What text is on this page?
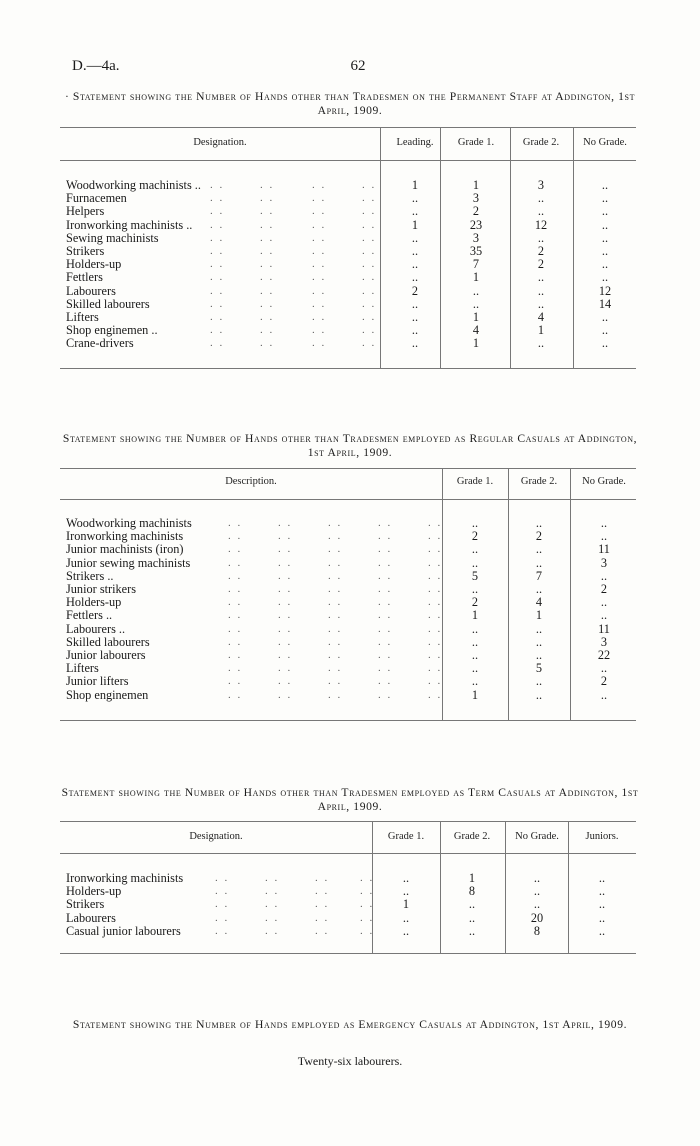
D.—4a.	62
· Statement showing the Number of Hands other than Tradesmen on the Permanent Staff at Addington, 1st April, 1909.
Designation.	Leading.	Grade 1.	Grade 2.	No Grade.
Woodworking machinists .. . .	. .	. .	. .	1	1	3	..
Furnacemen	. .	. .	. .	. .	..	3	..	..
Helpers	. .	. .	. .	. .	..	2	..	..
Ironworking machinists .. . .	. .	. .	. .	1	23	12	..
Sewing machinists	. .	. .	. .	. .	..	3	..	..
Strikers	. .	. .	. .	. .	..	35	2	..
Holders-up	. .	. .	. .	. .	..	7	2	..
Fettlers	. .	. .	. .	. .	..	1	..	..
Labourers	. .	. .	. .	. .	2	..	..	12
Skilled labourers	. .	. .	. .	. .	..	..	..	14
Lifters	. .	. .	. .	. .	..	1	4	..
Shop enginemen ..	. .	. .	. .	. .	..	4	1	..
Crane-drivers	. .	. .	. .	. .	..	1	..	..
Statement showing the Number of Hands other than Tradesmen employed as Regular Casuals at Addington, 1st April, 1909.
Description.	Grade 1.	Grade 2.	No Grade.
Woodworking machinists	. .	. .	. .	. .	. .	..	..	..
Ironworking machinists	. .	. .	. .	. .	. .	2	2	..
Junior machinists (iron)	. .	. .	. .	. .	. .	..	..	11
Junior sewing machinists	. .	. .	. .	. .	. .	..	..	3
Strikers ..	. .	. .	. .	. .	. .	5	7	..
Junior strikers	. .	. .	. .	. .	. .	..	..	2
Holders-up	. .	. .	. .	. .	. .	2	4	..
Fettlers ..	. .	. .	. .	. .	. .	1	1	..
Labourers ..	. .	. .	. .	. .	. .	..	..	11
Skilled labourers	. .	. .	. .	. .	. .	..	..	3
Junior labourers	. .	. .	. .	. .	. .	..	..	22
Lifters	. .	. .	. .	. .	. .	..	5	..
Junior lifters	. .	. .	. .	. .	. .	..	..	2
Shop enginemen	. .	. .	. .	. .	. .	1	..	..
Statement showing the Number of Hands other than Tradesmen employed as Term Casuals at Addington, 1st April, 1909.
Designation.	Grade 1.	Grade 2.	No Grade.	Juniors.
Ironworking machinists	. .	. .	. .	. .	..	1	..	..
Holders-up	. .	. .	. .	. .	..	8	..	..
Strikers	. .	. .	. .	. .	1	..	..	..
Labourers	. .	. .	. .	. .	..	..	20	..
Casual junior labourers	. .	. .	. .	. .	..	..	8	..
Statement showing the Number of Hands employed as Emergency Casuals at Addington, 1st April, 1909.
Twenty-six labourers.
